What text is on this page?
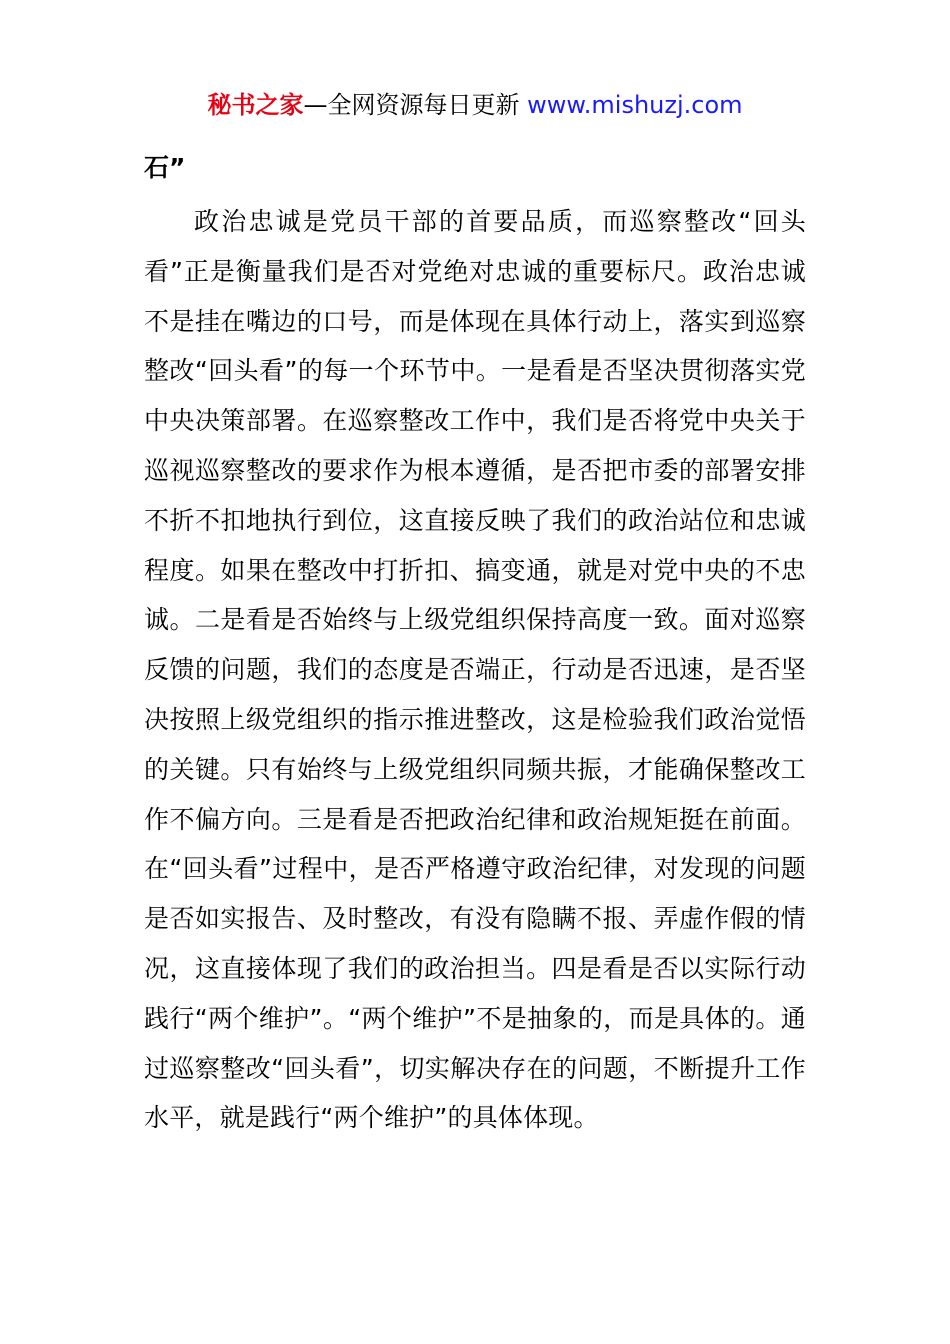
秘书之家—全网资源每日更新 www.mishuzj.com
石”

政治忠诚是党员干部的首要品质，而巡察整改“回头看”正是衡量我们是否对党绝对忠诚的重要标尺。政治忠诚不是挂在嘴边的口号，而是体现在具体行动上，落实到巡察整改“回头看”的每一个环节中。一是看是否坚决贯彻落实党中央决策部署。在巡察整改工作中，我们是否将党中央关于巡视巡察整改的要求作为根本遵循，是否把市委的部署安排不折不扣地执行到位，这直接反映了我们的政治站位和忠诚程度。如果在整改中打折扣、搞变通，就是对党中央的不忠诚。二是看是否始终与上级党组织保持高度一致。面对巡察反馈的问题，我们的态度是否端正，行动是否迅速，是否坚决按照上级党组织的指示推进整改，这是检验我们政治觉悟的关键。只有始终与上级党组织同频共振，才能确保整改工作不偏方向。三是看是否把政治纪律和政治规矩挺在前面。在“回头看”过程中，是否严格遵守政治纪律，对发现的问题是否如实报告、及时整改，有没有隐瞒不报、弄虚作假的情况，这直接体现了我们的政治担当。四是看是否以实际行动践行“两个维护”。“两个维护”不是抽象的，而是具体的。通过巡察整改“回头看”，切实解决存在的问题，不断提升工作水平，就是践行“两个维护”的具体体现。
